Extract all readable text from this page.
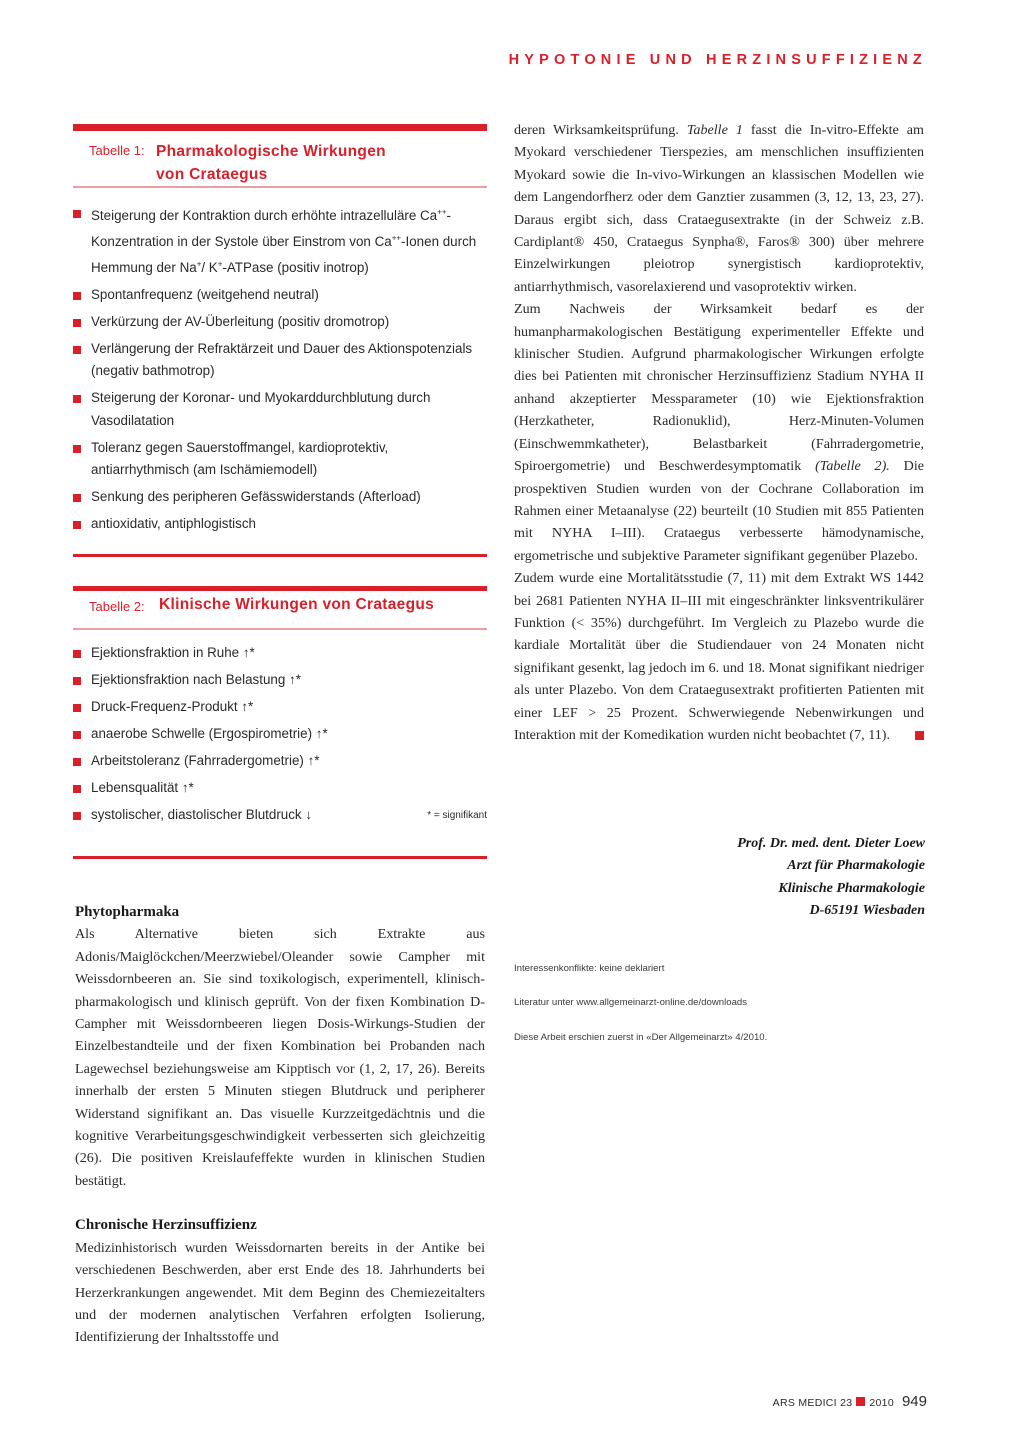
HYPOTONIE UND HERZINSUFFIZIENZ
Tabelle 1: Pharmakologische Wirkungen
von Crataegus
Steigerung der Kontraktion durch erhöhte intrazelluläre Ca++-Konzentration in der Systole über Einstrom von Ca++-Ionen durch Hemmung der Na+/ K+-ATPase (positiv inotrop)
Spontanfrequenz (weitgehend neutral)
Verkürzung der AV-Überleitung (positiv dromotrop)
Verlängerung der Refraktärzeit und Dauer des Aktionspotenzials (negativ bathmotrop)
Steigerung der Koronar- und Myokarddurchblutung durch Vasodilatation
Toleranz gegen Sauerstoffmangel, kardioprotektiv, antiarrhythmisch (am Ischämiemodell)
Senkung des peripheren Gefässwiderstands (Afterload)
antioxidativ, antiphlogistisch
Tabelle 2: Klinische Wirkungen von Crataegus
Ejektionsfraktion in Ruhe ↑*
Ejektionsfraktion nach Belastung ↑*
Druck-Frequenz-Produkt ↑*
anaerobe Schwelle (Ergospirometrie) ↑*
Arbeitstoleranz (Fahrradergometrie) ↑*
Lebensqualität ↑*
systolischer, diastolischer Blutdruck ↓	* = signifikant
Phytopharmaka

Als Alternative bieten sich Extrakte aus Adonis/Maiglöckchen/Meerzwiebel/Oleander sowie Campher mit Weissdornbeeren an. Sie sind toxikologisch, experimentell, klinisch-pharmakologisch und klinisch geprüft. Von der fixen Kombination D-Campher mit Weissdornbeeren liegen Dosis-Wirkungs-Studien der Einzelbestandteile und der fixen Kombination bei Probanden nach Lagewechsel beziehungsweise am Kipptisch vor (1, 2, 17, 26). Bereits innerhalb der ersten 5 Minuten stiegen Blutdruck und peripherer Widerstand signifikant an. Das visuelle Kurzzeitgedächtnis und die kognitive Verarbeitungsgeschwindigkeit verbesserten sich gleichzeitig (26). Die positiven Kreislaufeffekte wurden in klinischen Studien bestätigt.

Chronische Herzinsuffizienz

Medizinhistorisch wurden Weissdornarten bereits in der Antike bei verschiedenen Beschwerden, aber erst Ende des 18. Jahrhunderts bei Herzerkrankungen angewendet. Mit dem Beginn des Chemiezeitalters und der modernen analytischen Verfahren erfolgten Isolierung, Identifizierung der Inhaltsstoffe und

deren Wirksamkeitsprüfung. Tabelle 1 fasst die In-vitro-Effekte am Myokard verschiedener Tierspezies, am menschlichen insuffizienten Myokard sowie die In-vivo-Wirkungen an klassischen Modellen wie dem Langendorfherz oder dem Ganztier zusammen (3, 12, 13, 23, 27). Daraus ergibt sich, dass Crataegusextrakte (in der Schweiz z.B. Cardiplant® 450, Crataegus Synpha®, Faros® 300) über mehrere Einzelwirkungen pleiotrop synergistisch kardioprotektiv, antiarrhythmisch, vasorelaxierend und vasoprotektiv wirken.

Zum Nachweis der Wirksamkeit bedarf es der humanpharmakologischen Bestätigung experimenteller Effekte und klinischer Studien. Aufgrund pharmakologischer Wirkungen erfolgte dies bei Patienten mit chronischer Herzinsuffizienz Stadium NYHA II anhand akzeptierter Messparameter (10) wie Ejektionsfraktion (Herzkatheter, Radionuklid), Herz-Minuten-Volumen (Einschwemmkatheter), Belastbarkeit (Fahrradergometrie, Spiroergometrie) und Beschwerdesymptomatik (Tabelle 2). Die prospektiven Studien wurden von der Cochrane Collaboration im Rahmen einer Metaanalyse (22) beurteilt (10 Studien mit 855 Patienten mit NYHA I–III). Crataegus verbesserte hämodynamische, ergometrische und subjektive Parameter signifikant gegenüber Plazebo.

Zudem wurde eine Mortalitätsstudie (7, 11) mit dem Extrakt WS 1442 bei 2681 Patienten NYHA II–III mit eingeschränkter linksventrikulärer Funktion (< 35%) durchgeführt. Im Vergleich zu Plazebo wurde die kardiale Mortalität über die Studiendauer von 24 Monaten nicht signifikant gesenkt, lag jedoch im 6. und 18. Monat signifikant niedriger als unter Plazebo. Von dem Crataegusextrakt profitierten Patienten mit einer LEF > 25 Prozent. Schwerwiegende Nebenwirkungen und Interaktion mit der Komedikation wurden nicht beobachtet (7, 11).

Prof. Dr. med. dent. Dieter Loew
Arzt für Pharmakologie
Klinische Pharmakologie
D-65191 Wiesbaden
Interessenkonflikte: keine deklariert
Literatur unter www.allgemeinarzt-online.de/downloads
Diese Arbeit erschien zuerst in «Der Allgemeinarzt» 4/2010.
ARS MEDICI 23 2010 949
